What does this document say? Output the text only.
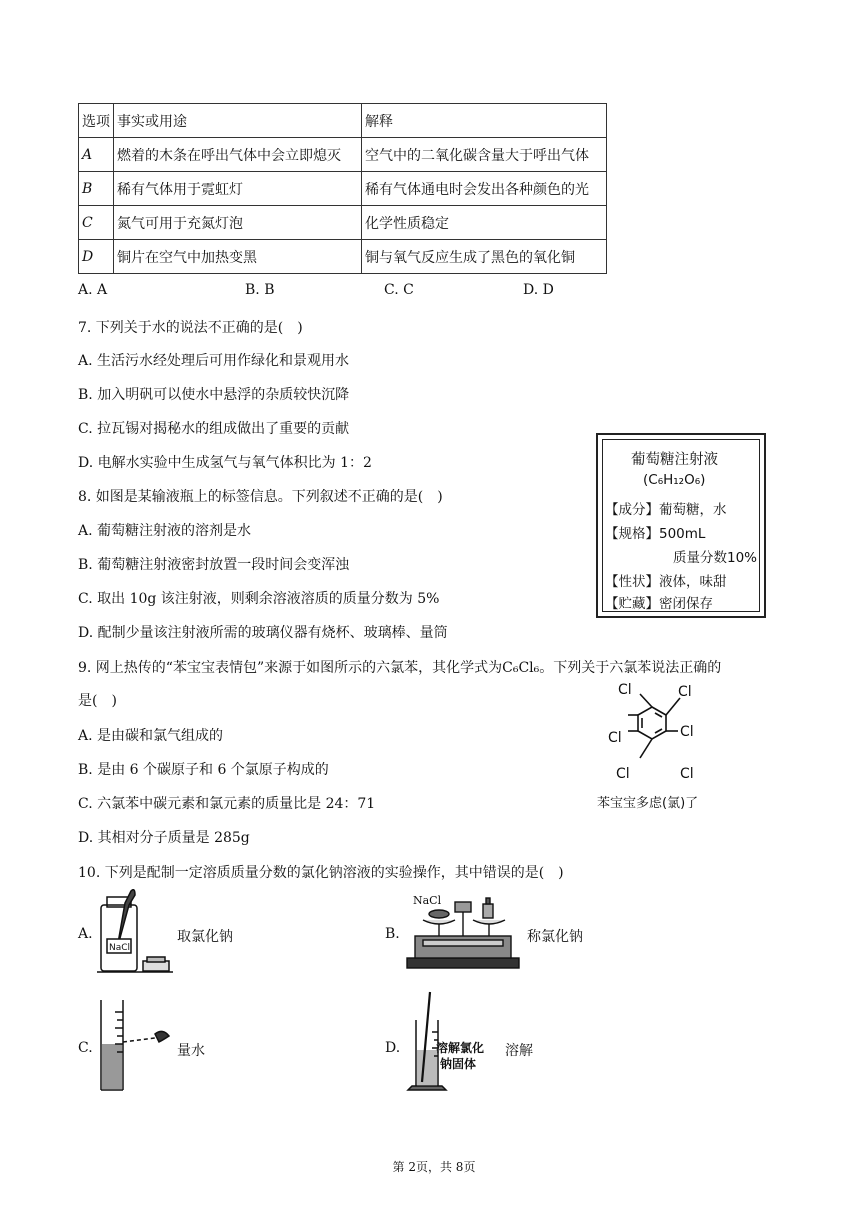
选项	事实或用途	解释
A	燃着的木条在呼出气体中会立即熄灭	空气中的二氧化碳含量大于呼出气体
B	稀有气体用于霓虹灯	稀有气体通电时会发出各种颜色的光
C	氮气可用于充氮灯泡	化学性质稳定
D	铜片在空气中加热变黑	铜与氧气反应生成了黑色的氧化铜
A. A	B. B	C. C	D. D
7. 下列关于水的说法不正确的是(　)
A. 生活污水经处理后可用作绿化和景观用水
B. 加入明矾可以使水中悬浮的杂质较快沉降
C. 拉瓦锡对揭秘水的组成做出了重要的贡献
D. 电解水实验中生成氢气与氧气体积比为 1：2
8. 如图是某输液瓶上的标签信息。下列叙述不正确的是(　)
A. 葡萄糖注射液的溶剂是水
B. 葡萄糖注射液密封放置一段时间会变浑浊
C. 取出 10g 该注射液，则剩余溶液溶质的质量分数为 5%
D. 配制少量该注射液所需的玻璃仪器有烧杯、玻璃棒、量筒
葡萄糖注射液
(C₆H₁₂O₆)
【成分】葡萄糖，水
【规格】500mL
质量分数10%
【性状】液体，味甜
【贮藏】密闭保存
9. 网上热传的“苯宝宝表情包”来源于如图所示的六氯苯，其化学式为C₆Cl₆。下列关于六氯苯说法正确的
是(　)
A. 是由碳和氯气组成的
B. 是由 6 个碳原子和 6 个氯原子构成的
C. 六氯苯中碳元素和氯元素的质量比是 24：71
D. 其相对分子质量是 285g
Cl	Cl
Cl	Cl
Cl	Cl
苯宝宝多虑(氯)了
10. 下列是配制一定溶质质量分数的氯化钠溶液的实验操作，其中错误的是(　)
A.
NaCl
取氯化钠	B.
NaCl
称氯化钠
C.	量水	D.	溶解氯化
钠固体
溶解
第 2页，共 8页
